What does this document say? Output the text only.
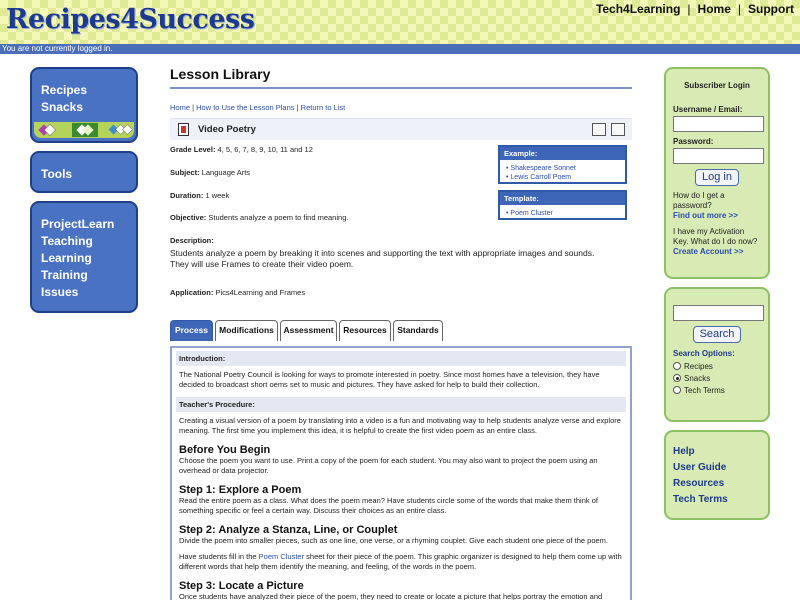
Recipes4Success	Tech4Learning | Home | Support
You are not currently logged in.
Recipes
Snacks
Tools
ProjectLearn
Teaching
Learning
Training
Issues
Lesson Library
Home | How to Use the Lesson Plans | Return to List
Video Poetry
Grade Level: 4, 5, 6, 7, 8, 9, 10, 11 and 12
Subject: Language Arts
Duration: 1 week
Objective: Students analyze a poem to find meaning.
Description:
Students analyze a poem by breaking it into scenes and supporting the text with appropriate images and sounds. They will use Frames to create their video poem.
Application: Pics4Learning and Frames
Example:
• Shakespeare Sonnet
• Lewis Carroll Poem
Template:
• Poem Cluster
Process	Modifications	Assessment	Resources	Standards
Introduction:
The National Poetry Council is looking for ways to promote interested in poetry. Since most homes have a television, they have decided to broadcast short oems set to music and pictures. They have asked for help to build their collection.
Teacher's Procedure:
Creating a visual version of a poem by translating into a video is a fun and motivating way to help students analyze verse and explore meaning. The first time you implement this idea, it is helpful to create the first video poem as an entire class.
Before You Begin
Choose the poem you want to use. Print a copy of the poem for each student. You may also want to project the poem using an overhead or data projector.
Step 1: Explore a Poem
Read the entire poem as a class. What does the poem mean? Have students circle some of the words that make them think of something specific or feel a certain way. Discuss their choices as an entire class.
Step 2: Analyze a Stanza, Line, or Couplet
Divide the poem into smaller pieces, such as one line, one verse, or a rhyming couplet. Give each student one piece of the poem.
Have students fill in the Poem Cluster sheet for their piece of the poem. This graphic organizer is designed to help them come up with different words that help them identify the meaning, and feeling, of the words in the poem.
Step 3: Locate a Picture
Once students have analyzed their piece of the poem, they need to create or locate a picture that helps portray the emotion and
Subscriber Login
Username / Email:
Password:
Log in

How do I get a password?
Find out more >>

I have my Activation Key. What do I do now?
Create Account >>

Search
Search Options:
Recipes
Snacks
Tech Terms
Help
User Guide
Resources
Tech Terms
